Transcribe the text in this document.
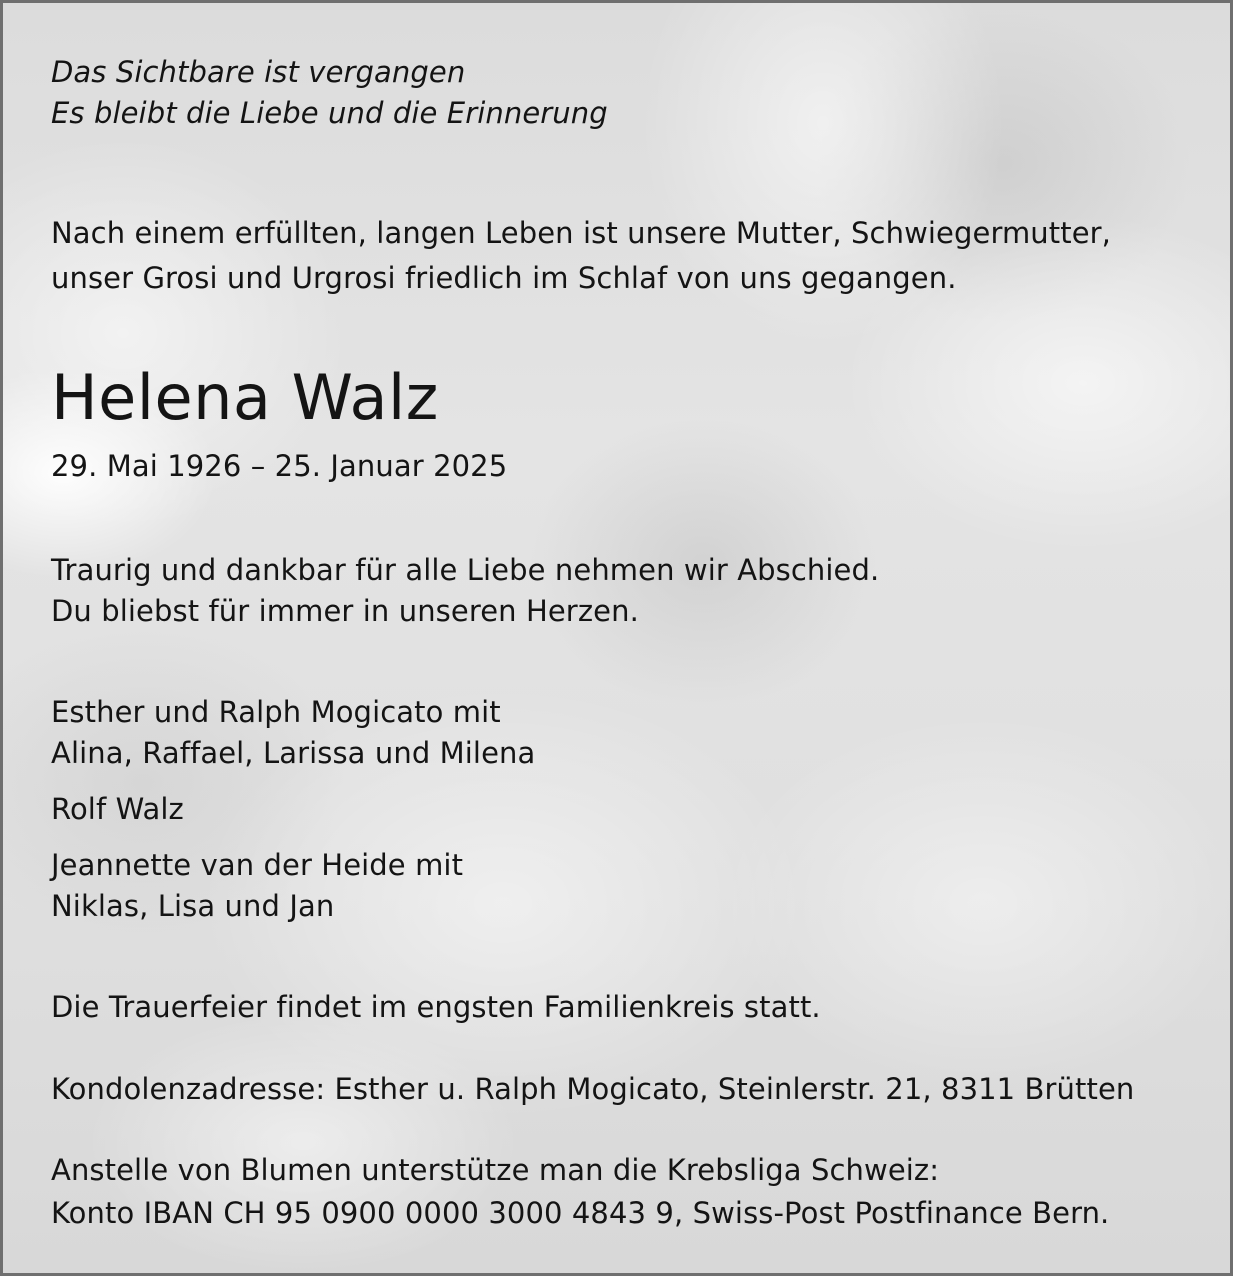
Das Sichtbare ist vergangen
Es bleibt die Liebe und die Erinnerung
Nach einem erfüllten, langen Leben ist unsere Mutter, Schwiegermutter,
unser Grosi und Urgrosi friedlich im Schlaf von uns gegangen.
Helena Walz
29. Mai 1926 – 25. Januar 2025
Traurig und dankbar für alle Liebe nehmen wir Abschied.
Du bliebst für immer in unseren Herzen.
Esther und Ralph Mogicato mit
Alina, Raffael, Larissa und Milena
Rolf Walz
Jeannette van der Heide mit
Niklas, Lisa und Jan
Die Trauerfeier findet im engsten Familienkreis statt.
Kondolenzadresse: Esther u. Ralph Mogicato, Steinlerstr. 21, 8311 Brütten
Anstelle von Blumen unterstütze man die Krebsliga Schweiz:
Konto IBAN CH 95 0900 0000 3000 4843 9, Swiss-Post Postfinance Bern.
